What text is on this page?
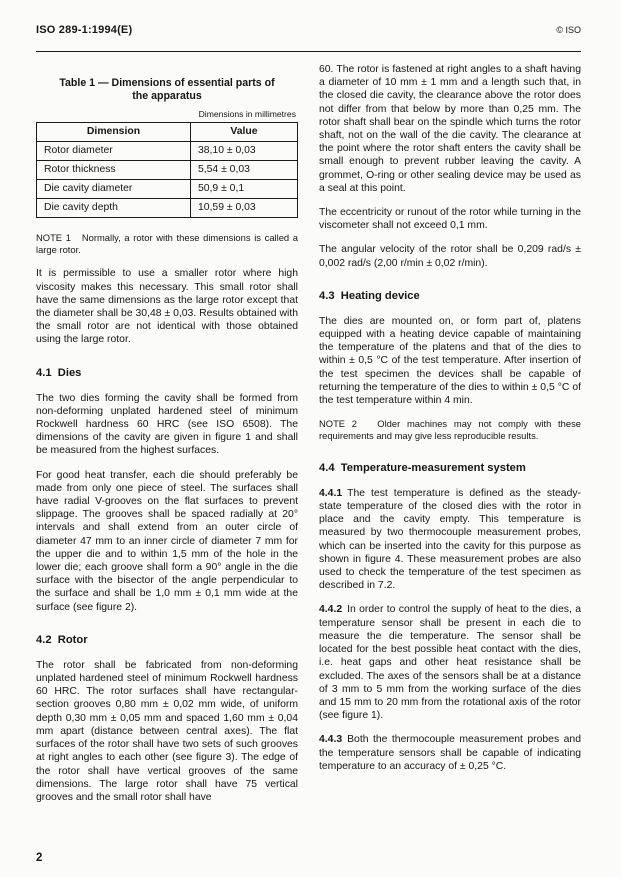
ISO 289-1:1994(E)	© ISO

Table 1 — Dimensions of essential parts of the apparatus

Dimensions in millimetres
Dimension	Value
Rotor diameter	38,10 ± 0,03
Rotor thickness	5,54 ± 0,03
Die cavity diameter	50,9 ± 0,1
Die cavity depth	10,59 ± 0,03

NOTE 1   Normally, a rotor with these dimensions is called a large rotor.

It is permissible to use a smaller rotor where high viscosity makes this necessary. This small rotor shall have the same dimensions as the large rotor except that the diameter shall be 30,48 ± 0,03. Results obtained with the small rotor are not identical with those obtained using the large rotor.

4.1  Dies

The two dies forming the cavity shall be formed from non-deforming unplated hardened steel of minimum Rockwell hardness 60 HRC (see ISO 6508). The dimensions of the cavity are given in figure 1 and shall be measured from the highest surfaces.

For good heat transfer, each die should preferably be made from only one piece of steel. The surfaces shall have radial V-grooves on the flat surfaces to prevent slippage. The grooves shall be spaced radially at 20° intervals and shall extend from an outer circle of diameter 47 mm to an inner circle of diameter 7 mm for the upper die and to within 1,5 mm of the hole in the lower die; each groove shall form a 90° angle in the die surface with the bisector of the angle perpendicular to the surface and shall be 1,0 mm ± 0,1 mm wide at the surface (see figure 2).

4.2  Rotor

The rotor shall be fabricated from non-deforming unplated hardened steel of minimum Rockwell hardness 60 HRC. The rotor surfaces shall have rectangular-section grooves 0,80 mm ± 0,02 mm wide, of uniform depth 0,30 mm ± 0,05 mm and spaced 1,60 mm ± 0,04 mm apart (distance between central axes). The flat surfaces of the rotor shall have two sets of such grooves at right angles to each other (see figure 3). The edge of the rotor shall have vertical grooves of the same dimensions. The large rotor shall have 75 vertical grooves and the small rotor shall have

60. The rotor is fastened at right angles to a shaft having a diameter of 10 mm ± 1 mm and a length such that, in the closed die cavity, the clearance above the rotor does not differ from that below by more than 0,25 mm. The rotor shaft shall bear on the spindle which turns the rotor shaft, not on the wall of the die cavity. The clearance at the point where the rotor shaft enters the cavity shall be small enough to prevent rubber leaving the cavity. A grommet, O-ring or other sealing device may be used as a seal at this point.

The eccentricity or runout of the rotor while turning in the viscometer shall not exceed 0,1 mm.

The angular velocity of the rotor shall be 0,209 rad/s ± 0,002 rad/s (2,00 r/min ± 0,02 r/min).

4.3  Heating device

The dies are mounted on, or form part of, platens equipped with a heating device capable of maintaining the temperature of the platens and that of the dies to within ± 0,5 °C of the test temperature. After insertion of the test specimen the devices shall be capable of returning the temperature of the dies to within ± 0,5 °C of the test temperature within 4 min.

NOTE 2   Older machines may not comply with these requirements and may give less reproducible results.

4.4  Temperature-measurement system

4.4.1 The test temperature is defined as the steady-state temperature of the closed dies with the rotor in place and the cavity empty. This temperature is measured by two thermocouple measurement probes, which can be inserted into the cavity for this purpose as shown in figure 4. These measurement probes are also used to check the temperature of the test specimen as described in 7.2.

4.4.2 In order to control the supply of heat to the dies, a temperature sensor shall be present in each die to measure the die temperature. The sensor shall be located for the best possible heat contact with the dies, i.e. heat gaps and other heat resistance shall be excluded. The axes of the sensors shall be at a distance of 3 mm to 5 mm from the working surface of the dies and 15 mm to 20 mm from the rotational axis of the rotor (see figure 1).

4.4.3 Both the thermocouple measurement probes and the temperature sensors shall be capable of indicating temperature to an accuracy of ± 0,25 °C.

2
